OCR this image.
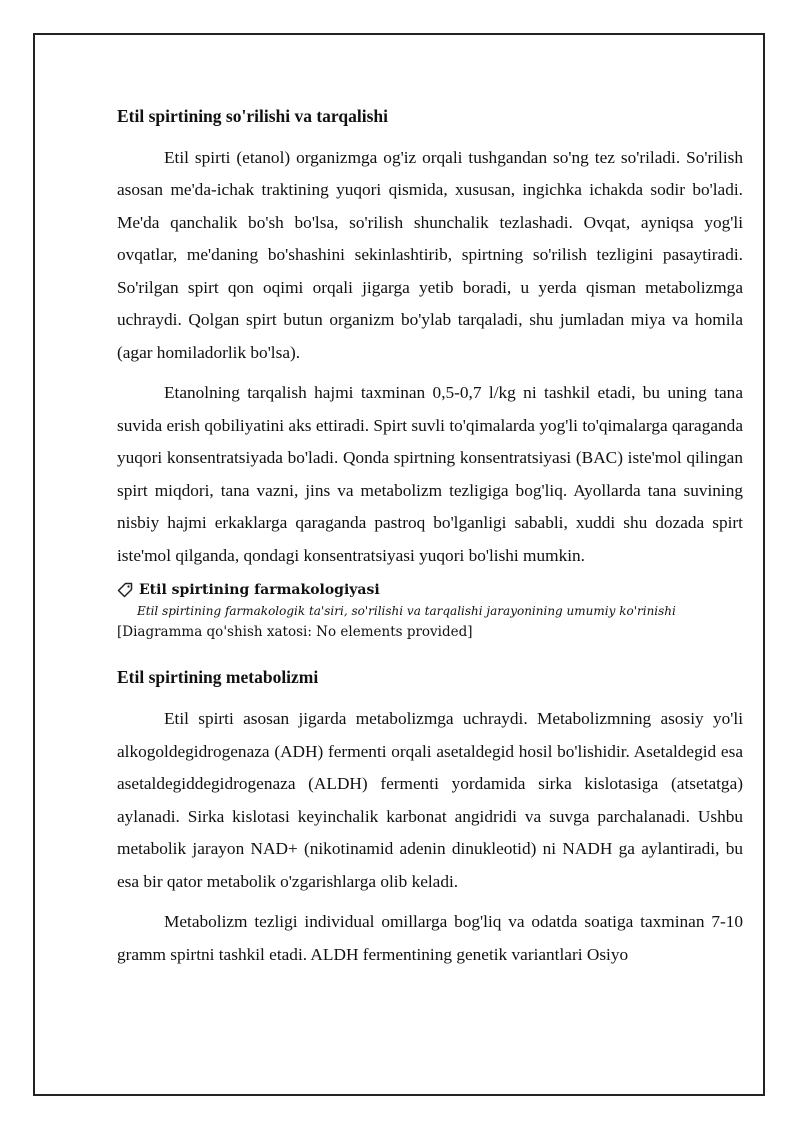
Etil spirtining so'rilishi va tarqalishi

Etil spirti (etanol) organizmga og'iz orqali tushgandan so'ng tez so'riladi. So'rilish asosan me'da-ichak traktining yuqori qismida, xususan, ingichka ichakda sodir bo'ladi. Me'da qanchalik bo'sh bo'lsa, so'rilish shunchalik tezlashadi. Ovqat, ayniqsa yog'li ovqatlar, me'daning bo'shashini sekinlashtirib, spirtning so'rilish tezligini pasaytiradi. So'rilgan spirt qon oqimi orqali jigarga yetib boradi, u yerda qisman metabolizmga uchraydi. Qolgan spirt butun organizm bo'ylab tarqaladi, shu jumladan miya va homila (agar homiladorlik bo'lsa).

Etanolning tarqalish hajmi taxminan 0,5-0,7 l/kg ni tashkil etadi, bu uning tana suvida erish qobiliyatini aks ettiradi. Spirt suvli to'qimalarda yog'li to'qimalarga qaraganda yuqori konsentratsiyada bo'ladi. Qonda spirtning konsentratsiyasi (BAC) iste'mol qilingan spirt miqdori, tana vazni, jins va metabolizm tezligiga bog'liq. Ayollarda tana suvining nisbiy hajmi erkaklarga qaraganda pastroq bo'lganligi sababli, xuddi shu dozada spirt iste'mol qilganda, qondagi konsentratsiyasi yuqori bo'lishi mumkin.

Etil spirtining farmakologiyasi
Etil spirtining farmakologik ta'siri, so'rilishi va tarqalishi jarayonining umumiy ko'rinishi
[Diagramma qo'shish xatosi: No elements provided]
Etil spirtining metabolizmi

Etil spirti asosan jigarda metabolizmga uchraydi. Metabolizmning asosiy yo'li alkogoldegidrogenaza (ADH) fermenti orqali asetaldegid hosil bo'lishidir. Asetaldegid esa asetaldegiddegidrogenaza (ALDH) fermenti yordamida sirka kislotasiga (atsetatga) aylanadi. Sirka kislotasi keyinchalik karbonat angidridi va suvga parchalanadi. Ushbu metabolik jarayon NAD+ (nikotinamid adenin dinukleotid) ni NADH ga aylantiradi, bu esa bir qator metabolik o'zgarishlarga olib keladi.

Metabolizm tezligi individual omillarga bog'liq va odatda soatiga taxminan 7-10 gramm spirtni tashkil etadi. ALDH fermentining genetik variantlari Osiyo
